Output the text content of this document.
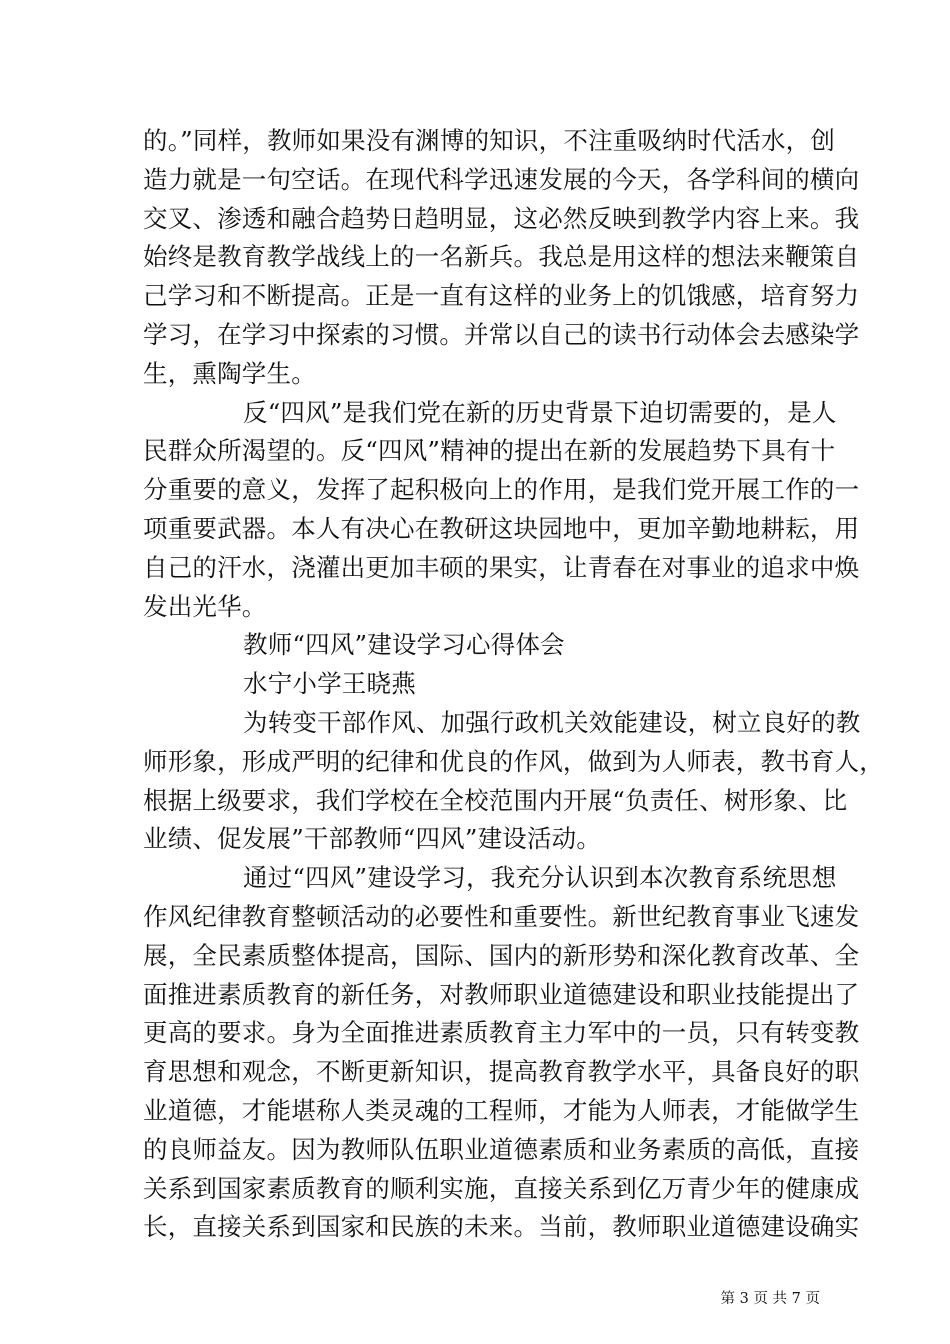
的。”同样，教师如果没有渊博的知识，不注重吸纳时代活水，创
造力就是一句空话。在现代科学迅速发展的今天，各学科间的横向
交叉、渗透和融合趋势日趋明显，这必然反映到教学内容上来。我
始终是教育教学战线上的一名新兵。我总是用这样的想法来鞭策自
己学习和不断提高。正是一直有这样的业务上的饥饿感，培育努力
学习，在学习中探索的习惯。并常以自己的读书行动体会去感染学
生，熏陶学生。
反“四风”是我们党在新的历史背景下迫切需要的，是人
民群众所渴望的。反“四风”精神的提出在新的发展趋势下具有十
分重要的意义，发挥了起积极向上的作用，是我们党开展工作的一
项重要武器。本人有决心在教研这块园地中，更加辛勤地耕耘，用
自己的汗水，浇灌出更加丰硕的果实，让青春在对事业的追求中焕
发出光华。
教师“四风”建设学习心得体会
水宁小学王晓燕
为转变干部作风、加强行政机关效能建设，树立良好的教
师形象，形成严明的纪律和优良的作风，做到为人师表，教书育人，
根据上级要求，我们学校在全校范围内开展“负责任、树形象、比
业绩、促发展”干部教师“四风”建设活动。
通过“四风”建设学习，我充分认识到本次教育系统思想
作风纪律教育整顿活动的必要性和重要性。新世纪教育事业飞速发
展，全民素质整体提高，国际、国内的新形势和深化教育改革、全
面推进素质教育的新任务，对教师职业道德建设和职业技能提出了
更高的要求。身为全面推进素质教育主力军中的一员，只有转变教
育思想和观念，不断更新知识，提高教育教学水平，具备良好的职
业道德，才能堪称人类灵魂的工程师，才能为人师表，才能做学生
的良师益友。因为教师队伍职业道德素质和业务素质的高低，直接
关系到国家素质教育的顺利实施，直接关系到亿万青少年的健康成
长，直接关系到国家和民族的未来。当前，教师职业道德建设确实
第 3 页 共 7 页
